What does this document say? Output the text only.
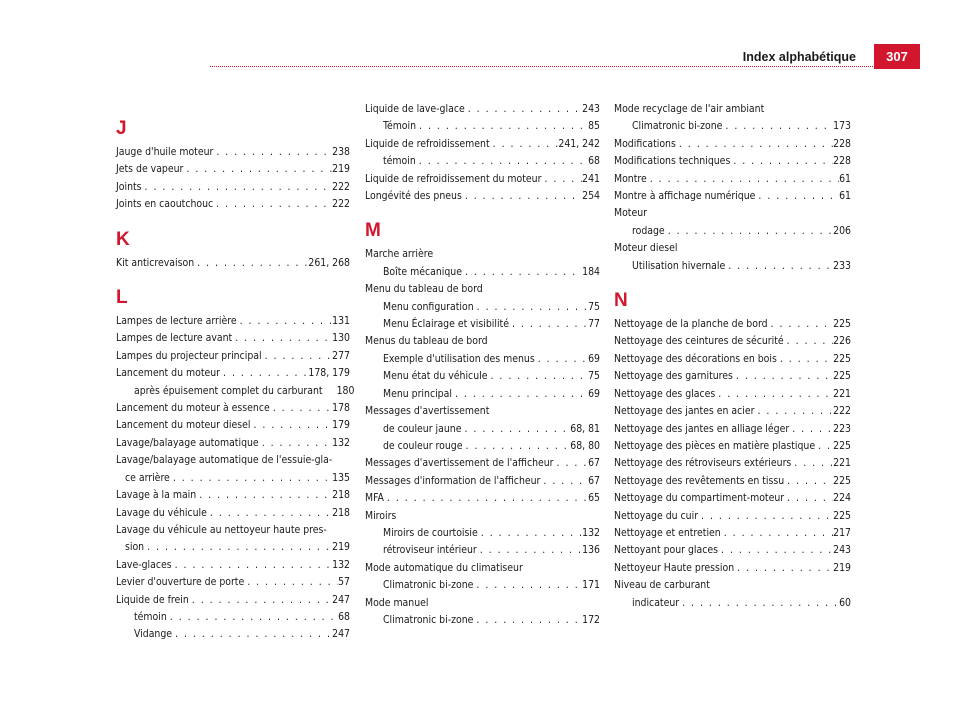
Index alphabétique	307
J
Jauge d'huile moteur . . .	238
Jets de vapeur . . .	219
Joints . . .	222
Joints en caoutchouc . . .	222
K
Kit anticrevaison . . .	261, 268
L
Lampes de lecture arrière . . .	131
Lampes de lecture avant . . .	130
Lampes du projecteur principal . . .	277
Lancement du moteur . . .	178, 179
après épuisement complet du carburant 180
Lancement du moteur à essence . . .	178
Lancement du moteur diesel . . .	179
Lavage/balayage automatique . . .	132
Lavage/balayage automatique de l'essuie-gla-
ce arrière . . .	135
Lavage à la main . . .	218
Lavage du véhicule . . .	218
Lavage du véhicule au nettoyeur haute pres-
sion . . .	219
Lave-glaces . . .	132
Levier d'ouverture de porte . . .	57
Liquide de frein . . .	247
témoin . . .	68
Vidange . . .	247
Liquide de lave-glace . . .	243
Témoin . . .	85
Liquide de refroidissement . . .	241, 242
témoin . . .	68
Liquide de refroidissement du moteur . . .	241
Longévité des pneus . . .	254
M
Marche arrière
Boîte mécanique . . .	184
Menu du tableau de bord
Menu configuration . . .	75
Menu Éclairage et visibilité . . .	77
Menus du tableau de bord
Exemple d'utilisation des menus . . .	69
Menu état du véhicule . . .	75
Menu principal . . .	69
Messages d'avertissement
de couleur jaune . . .	68, 81
de couleur rouge . . .	68, 80
Messages d'avertissement de l'afficheur . . .	67
Messages d'information de l'afficheur . . .	67
MFA . . .	65
Miroirs
Miroirs de courtoisie . . .	132
rétroviseur intérieur . . .	136
Mode automatique du climatiseur
Climatronic bi-zone . . .	171
Mode manuel
Climatronic bi-zone . . .	172
Mode recyclage de l'air ambiant
Climatronic bi-zone . . .	173
Modifications . . .	228
Modifications techniques . . .	228
Montre . . .	61
Montre à affichage numérique . . .	61
Moteur
rodage . . .	206
Moteur diesel
Utilisation hivernale . . .	233
N
Nettoyage de la planche de bord . . .	225
Nettoyage des ceintures de sécurité . . .	226
Nettoyage des décorations en bois . . .	225
Nettoyage des garnitures . . .	225
Nettoyage des glaces . . .	221
Nettoyage des jantes en acier . . .	222
Nettoyage des jantes en alliage léger . . .	223
Nettoyage des pièces en matière plastique . . . 225
Nettoyage des rétroviseurs extérieurs . . .	221
Nettoyage des revêtements en tissu . . .	225
Nettoyage du compartiment-moteur . . .	224
Nettoyage du cuir . . .	225
Nettoyage et entretien . . .	217
Nettoyant pour glaces . . .	243
Nettoyeur Haute pression . . .	219
Niveau de carburant
indicateur . . .	60
